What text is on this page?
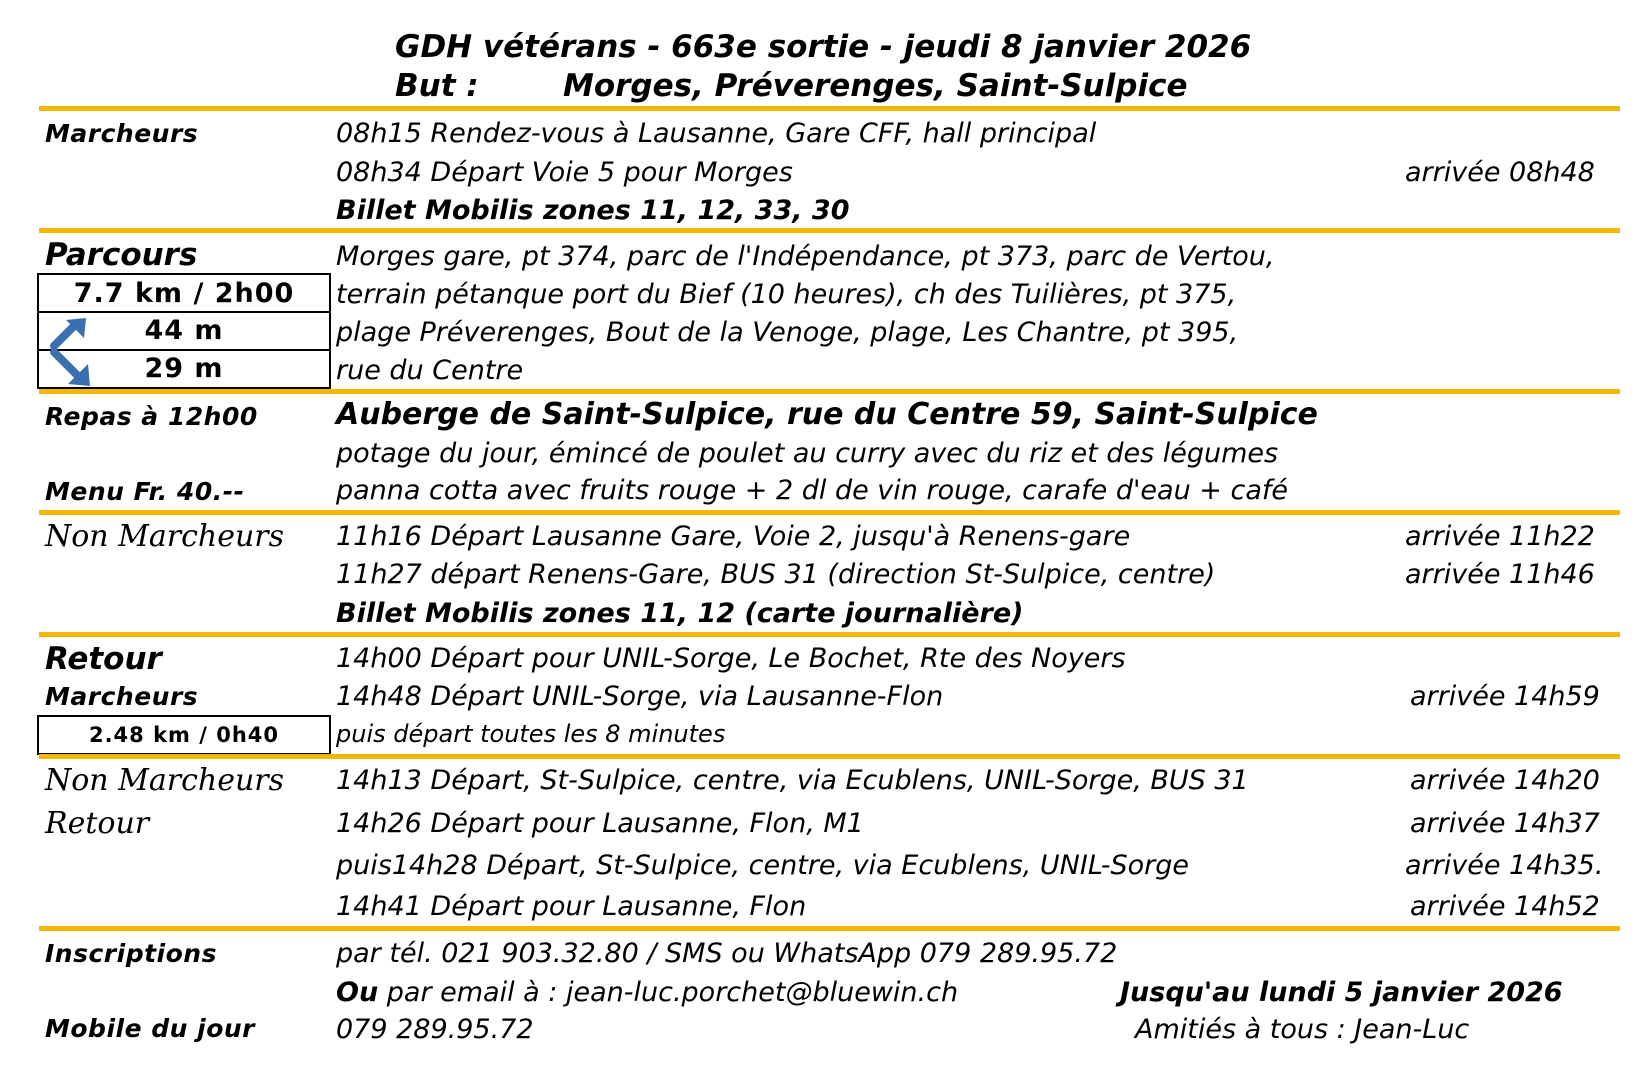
GDH vétérans - 663e sortie - jeudi 8 janvier 2026
But :	Morges, Préverenges, Saint-Sulpice
Marcheurs	08h15 Rendez-vous à Lausanne, Gare CFF, hall principal
08h34 Départ Voie 5 pour Morges	arrivée 08h48
Billet Mobilis zones 11, 12, 33, 30
Parcours
7.7 km / 2h00
44 m
29 m
Morges gare, pt 374, parc de l'Indépendance, pt 373, parc de Vertou,
terrain pétanque port du Bief (10 heures), ch des Tuilières, pt 375,
plage Préverenges, Bout de la Venoge, plage, Les Chantre, pt 395,
rue du Centre
Repas à 12h00	Auberge de Saint-Sulpice, rue du Centre 59, Saint-Sulpice
potage du jour, émincé de poulet au curry avec du riz et des légumes
Menu Fr. 40.--	panna cotta avec fruits rouge + 2 dl de vin rouge, carafe d'eau + café
Non Marcheurs 11h16 Départ Lausanne Gare, Voie 2, jusqu'à Renens-gare	arrivée 11h22
11h27 départ Renens-Gare, BUS 31 (direction St-Sulpice, centre)	arrivée 11h46
Billet Mobilis zones 11, 12 (carte journalière)
Retour
Marcheurs
2.48 km / 0h40
14h00 Départ pour UNIL-Sorge, Le Bochet, Rte des Noyers
14h48 Départ UNIL-Sorge, via Lausanne-Flon	arrivée 14h59
puis départ toutes les 8 minutes
Non Marcheurs
Retour
14h13 Départ, St-Sulpice, centre, via Ecublens, UNIL-Sorge, BUS 31	arrivée 14h20
14h26 Départ pour Lausanne, Flon, M1	arrivée 14h37
puis14h28 Départ, St-Sulpice, centre, via Ecublens, UNIL-Sorge	arrivée 14h35.
14h41 Départ pour Lausanne, Flon	arrivée 14h52
Inscriptions	par tél. 021 903.32.80 / SMS ou WhatsApp 079 289.95.72
Ou par email à : jean-luc.porchet@bluewin.ch	Jusqu'au lundi 5 janvier 2026
Mobile du jour	079 289.95.72	Amitiés à tous : Jean-Luc
